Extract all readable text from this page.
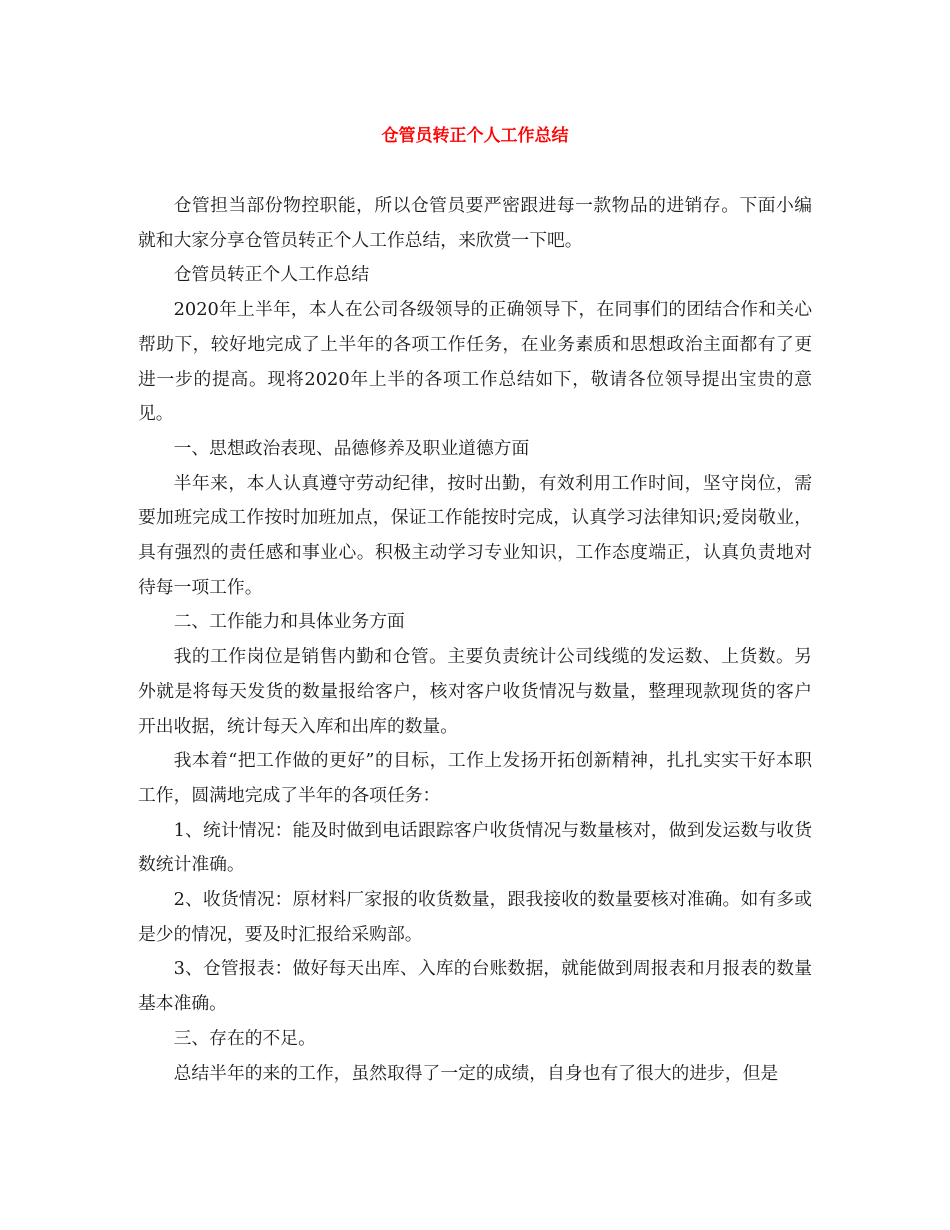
仓管员转正个人工作总结

仓管担当部份物控职能，所以仓管员要严密跟进每一款物品的进销存。下面小编就和大家分享仓管员转正个人工作总结，来欣赏一下吧。

仓管员转正个人工作总结

2020年上半年，本人在公司各级领导的正确领导下，在同事们的团结合作和关心帮助下，较好地完成了上半年的各项工作任务，在业务素质和思想政治主面都有了更进一步的提高。现将2020年上半的各项工作总结如下，敬请各位领导提出宝贵的意见。

一、思想政治表现、品德修养及职业道德方面

半年来，本人认真遵守劳动纪律，按时出勤，有效利用工作时间，坚守岗位，需要加班完成工作按时加班加点，保证工作能按时完成，认真学习法律知识;爱岗敬业，具有强烈的责任感和事业心。积极主动学习专业知识，工作态度端正，认真负责地对待每一项工作。

二、工作能力和具体业务方面

我的工作岗位是销售内勤和仓管。主要负责统计公司线缆的发运数、上货数。另外就是将每天发货的数量报给客户，核对客户收货情况与数量，整理现款现货的客户开出收据，统计每天入库和出库的数量。

我本着“把工作做的更好”的目标，工作上发扬开拓创新精神，扎扎实实干好本职工作，圆满地完成了半年的各项任务：

1、统计情况：能及时做到电话跟踪客户收货情况与数量核对，做到发运数与收货数统计准确。

2、收货情况：原材料厂家报的收货数量，跟我接收的数量要核对准确。如有多或是少的情况，要及时汇报给采购部。

3、仓管报表：做好每天出库、入库的台账数据，就能做到周报表和月报表的数量基本准确。

三、存在的不足。

总结半年的来的工作，虽然取得了一定的成绩，自身也有了很大的进步，但是
